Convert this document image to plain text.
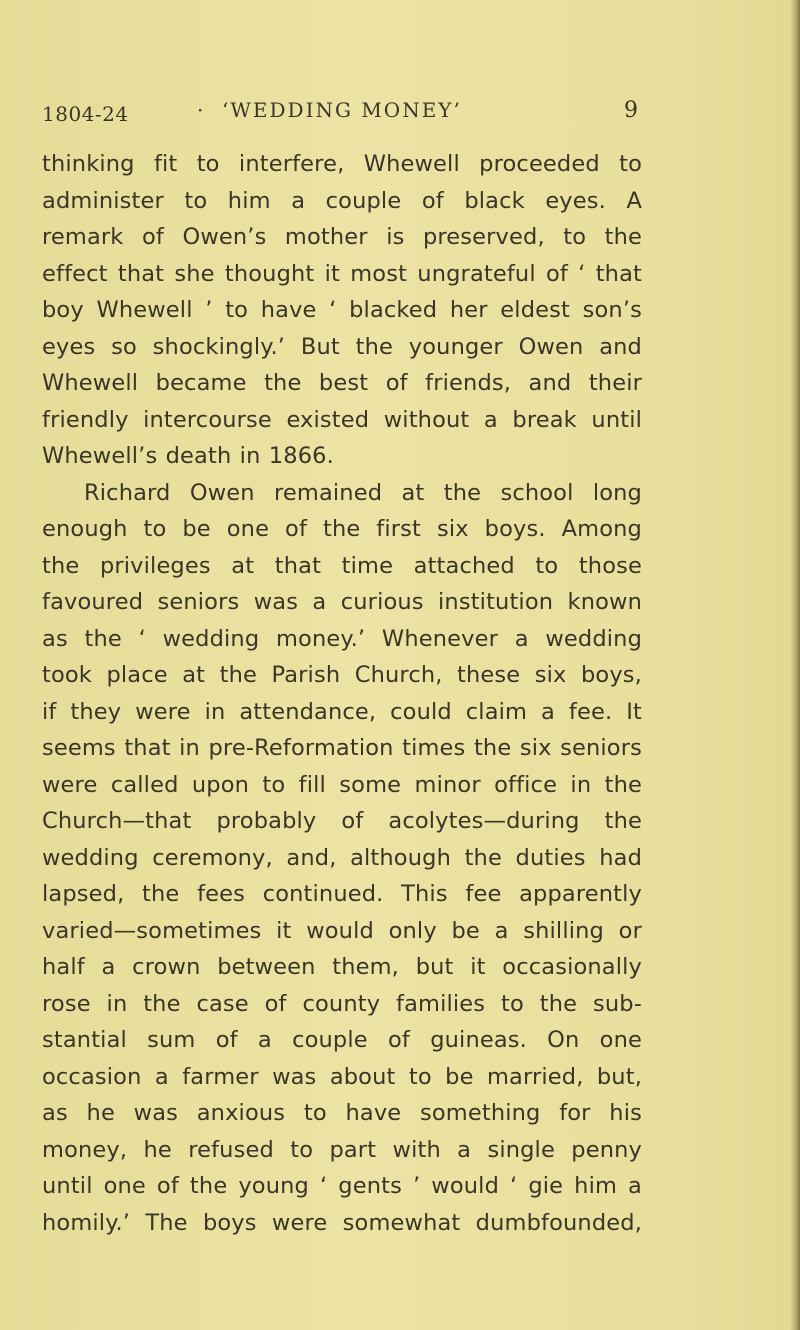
1804-24	· ‘WEDDING MONEY’	9
thinking fit to interfere, Whewell proceeded to
administer to him a couple of black eyes. A
remark of Owen’s mother is preserved, to the
effect that she thought it most ungrateful of ‘ that
boy Whewell ’ to have ‘ blacked her eldest son’s
eyes so shockingly.’ But the younger Owen and
Whewell became the best of friends, and their
friendly intercourse existed without a break until
Whewell’s death in 1866.
Richard Owen remained at the school long
enough to be one of the first six boys. Among
the privileges at that time attached to those
favoured seniors was a curious institution known
as the ‘ wedding money.’ Whenever a wedding
took place at the Parish Church, these six boys,
if they were in attendance, could claim a fee. It
seems that in pre-Reformation times the six seniors
were called upon to fill some minor office in the
Church—that probably of acolytes—during the
wedding ceremony, and, although the duties had
lapsed, the fees continued. This fee apparently
varied—sometimes it would only be a shilling or
half a crown between them, but it occasionally
rose in the case of county families to the sub-
stantial sum of a couple of guineas. On one
occasion a farmer was about to be married, but,
as he was anxious to have something for his
money, he refused to part with a single penny
until one of the young ‘ gents ’ would ‘ gie him a
homily.’ The boys were somewhat dumbfounded,
